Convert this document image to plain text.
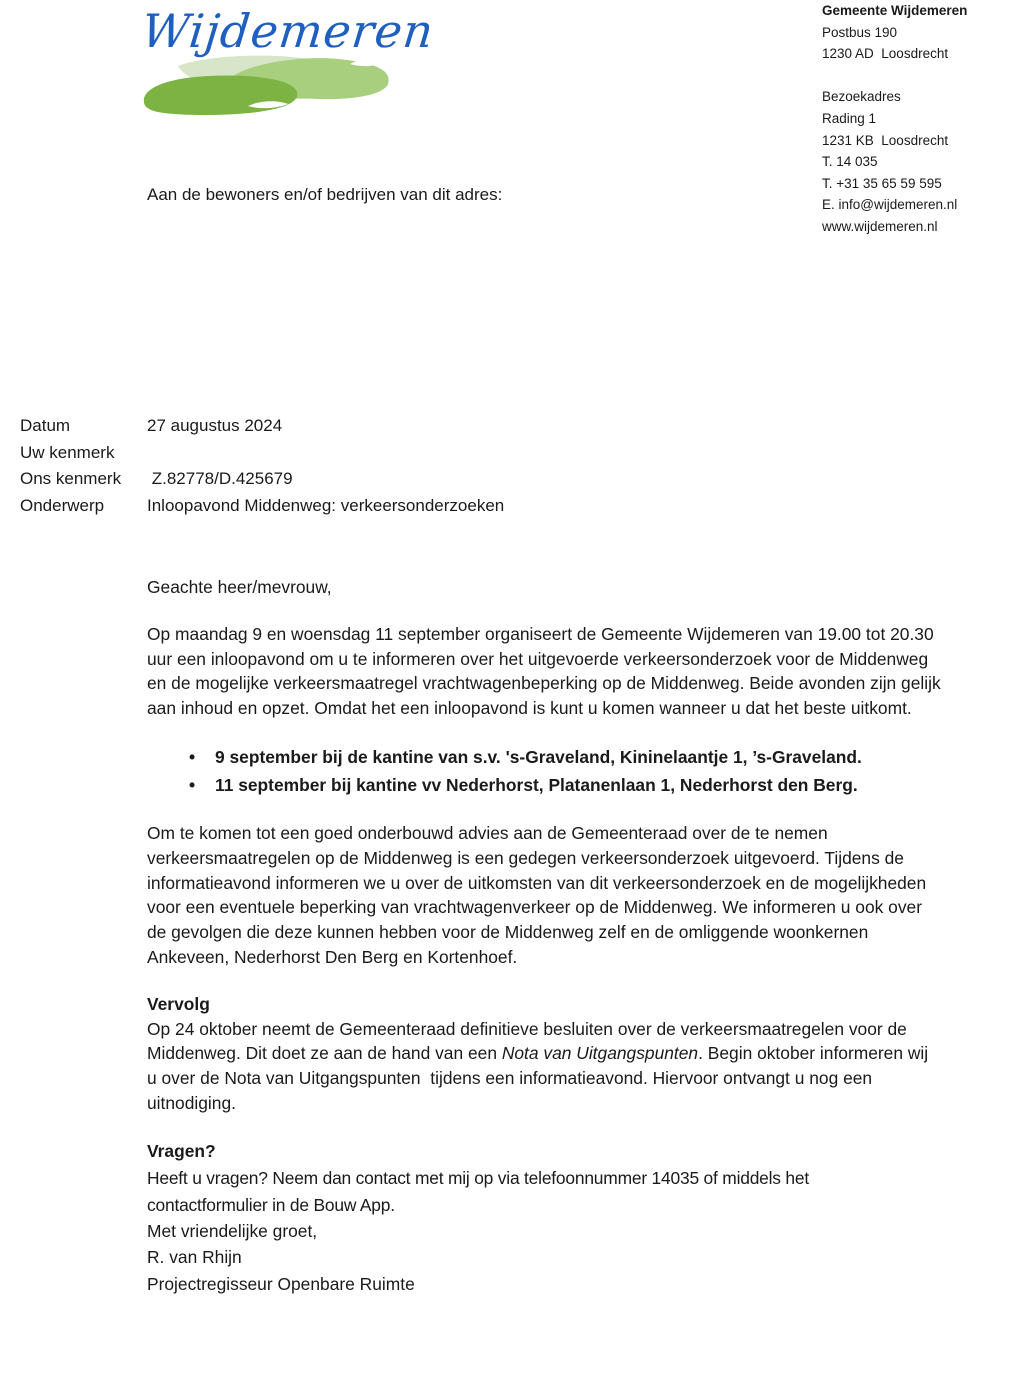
Wijdemeren	Gemeente Wijdemeren
Postbus 190
1230 AD  Loosdrecht
Bezoekadres
Rading 1
1231 KB  Loosdrecht
T. 14 035
T. +31 35 65 59 595
E. info@wijdemeren.nl
www.wijdemeren.nl
Aan de bewoners en/of bedrijven van dit adres:
Datum	27 augustus 2024
Uw kenmerk
Ons kenmerk	Z.82778/D.425679
Onderwerp	Inloopavond Middenweg: verkeersonderzoeken

Geachte heer/mevrouw,

Op maandag 9 en woensdag 11 september organiseert de Gemeente Wijdemeren van 19.00 tot 20.30

uur een inloopavond om u te informeren over het uitgevoerde verkeersonderzoek voor de Middenweg

en de mogelijke verkeersmaatregel vrachtwagenbeperking op de Middenweg. Beide avonden zijn gelijk

aan inhoud en opzet. Omdat het een inloopavond is kunt u komen wanneer u dat het beste uitkomt.

• 9 september bij de kantine van s.v. 's-Graveland, Kininelaantje 1, ’s-Graveland.
• 11 september bij kantine vv Nederhorst, Platanenlaan 1, Nederhorst den Berg.

Om te komen tot een goed onderbouwd advies aan de Gemeenteraad over de te nemen

verkeersmaatregelen op de Middenweg is een gedegen verkeersonderzoek uitgevoerd. Tijdens de

informatieavond informeren we u over de uitkomsten van dit verkeersonderzoek en de mogelijkheden

voor een eventuele beperking van vrachtwagenverkeer op de Middenweg. We informeren u ook over

de gevolgen die deze kunnen hebben voor de Middenweg zelf en de omliggende woonkernen

Ankeveen, Nederhorst Den Berg en Kortenhoef.

Vervolg

Op 24 oktober neemt de Gemeenteraad definitieve besluiten over de verkeersmaatregelen voor de

Middenweg. Dit doet ze aan de hand van een Nota van Uitgangspunten. Begin oktober informeren wij

u over de Nota van Uitgangspunten  tijdens een informatieavond. Hiervoor ontvangt u nog een

uitnodiging.

Vragen?

Heeft u vragen? Neem dan contact met mij op via telefoonnummer 14035 of middels het

contactformulier in de Bouw App.

Met vriendelijke groet,

R. van Rhijn

Projectregisseur Openbare Ruimte
